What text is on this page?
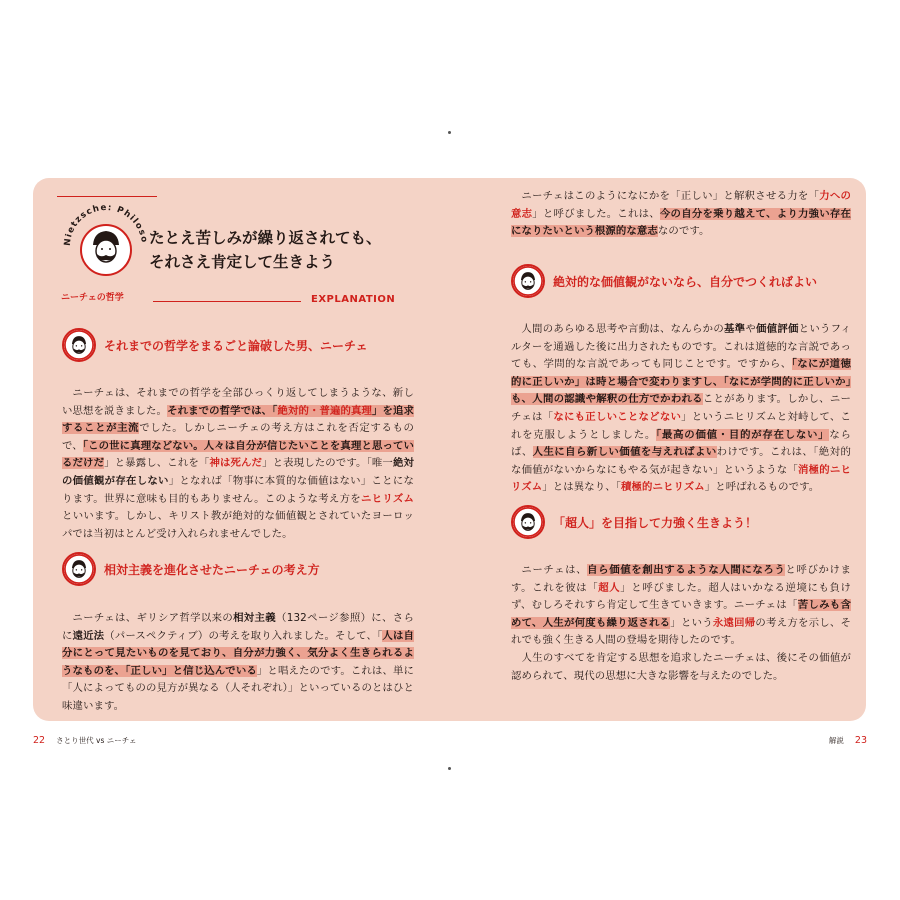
Nietzsche: Philoso
ニーチェの哲学
たとえ苦しみが繰り返されても、
それさえ肯定して生きよう
EXPLANATION
それまでの哲学をまるごと論破した男、ニーチェ

ニーチェは、それまでの哲学を全部ひっくり返してしまうような、新しい思想を説きました。それまでの哲学では、「絶対的・普遍的真理」を追求することが主流でした。しかしニーチェの考え方はこれを否定するもので、「この世に真理などない。人々は自分が信じたいことを真理と思っているだけだ」と暴露し、これを「神は死んだ」と表現したのです。「唯一絶対の価値観が存在しない」となれば「物事に本質的な価値はない」ことになります。世界に意味も目的もありません。このような考え方をニヒリズムといいます。しかし、キリスト教が絶対的な価値観とされていたヨーロッパでは当初はとんど受け入れられませんでした。

相対主義を進化させたニーチェの考え方

ニーチェは、ギリシア哲学以来の相対主義（132ページ参照）に、さらに遠近法（パースペクティブ）の考えを取り入れました。そして、「人は自分にとって見たいものを見ており、自分が力強く、気分よく生きられるようなものを、「正しい」と信じ込んでいる」と唱えたのです。これは、単に「人によってものの見方が異なる（人それぞれ）」といっているのとはひと味違います。

ニーチェはこのようになにかを「正しい」と解釈させる力を「力への意志」と呼びました。これは、今の自分を乗り越えて、より力強い存在になりたいという根源的な意志なのです。

絶対的な価値観がないなら、自分でつくればよい

人間のあらゆる思考や言動は、なんらかの基準や価値評価というフィルターを通過した後に出力されたものです。これは道徳的な言説であっても、学問的な言説であっても同じことです。ですから、「なにが道徳的に正しいか」は時と場合で変わりますし、「なにが学問的に正しいか」も、人間の認識や解釈の仕方でかわれることがあります。しかし、ニーチェは「なにも正しいことなどない」というニヒリズムと対峙して、これを克服しようとしました。「最高の価値・目的が存在しない」ならば、人生に自ら新しい価値を与えればよいわけです。これは、「絶対的な価値がないからなにもやる気が起きない」というような「消極的ニヒリズム」とは異なり、「積極的ニヒリズム」と呼ばれるものです。

「超人」を目指して力強く生きよう！

ニーチェは、自ら価値を創出するような人間になろうと呼びかけます。これを彼は「超人」と呼びました。超人はいかなる逆境にも負けず、むしろそれすら肯定して生きていきます。ニーチェは「苦しみも含めて、人生が何度も繰り返される」という永遠回帰の考え方を示し、それでも強く生きる人間の登場を期待したのです。
　人生のすべてを肯定する思想を追求したニーチェは、後にその価値が認められて、現代の思想に大きな影響を与えたのでした。

22 さとり世代 vs ニーチェ	解説 23
